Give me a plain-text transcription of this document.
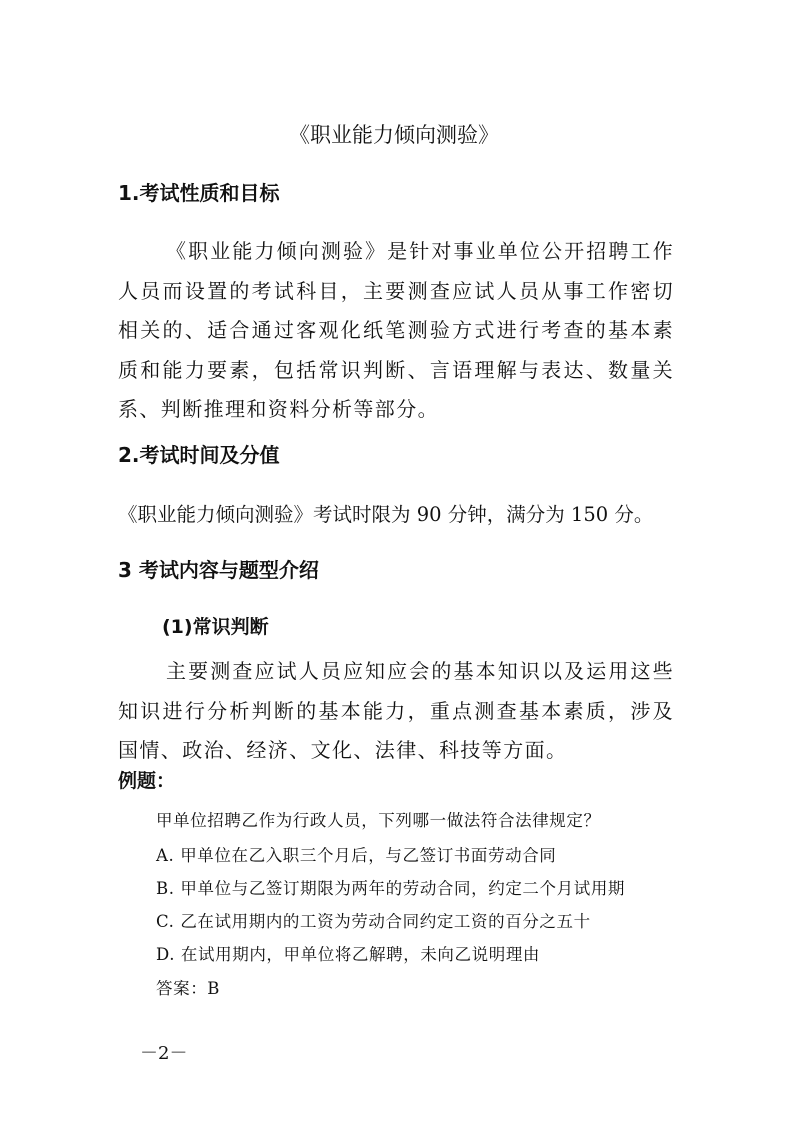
《职业能力倾向测验》
1.考试性质和目标
《职业能力倾向测验》是针对事业单位公开招聘工作人员而设置的考试科目，主要测查应试人员从事工作密切相关的、适合通过客观化纸笔测验方式进行考查的基本素质和能力要素，包括常识判断、言语理解与表达、数量关系、判断推理和资料分析等部分。
2.考试时间及分值
《职业能力倾向测验》考试时限为 90 分钟，满分为 150 分。
3 考试内容与题型介绍
(1)常识判断
主要测查应试人员应知应会的基本知识以及运用这些知识进行分析判断的基本能力，重点测查基本素质，涉及国情、政治、经济、文化、法律、科技等方面。
例题：
甲单位招聘乙作为行政人员，下列哪一做法符合法律规定？
A. 甲单位在乙入职三个月后，与乙签订书面劳动合同
B. 甲单位与乙签订期限为两年的劳动合同，约定二个月试用期
C. 乙在试用期内的工资为劳动合同约定工资的百分之五十
D. 在试用期内，甲单位将乙解聘，未向乙说明理由
答案：B
－2－
